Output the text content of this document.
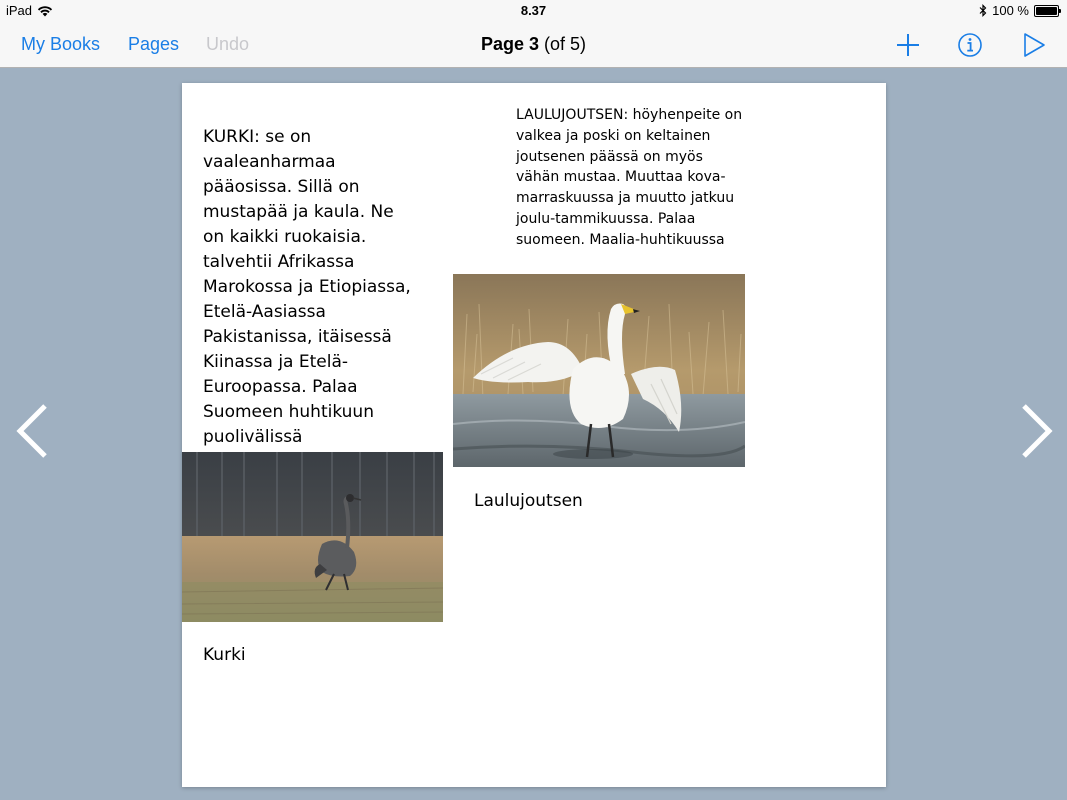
iPad	8.37	100 %
My Books Pages Undo	Page 3 (of 5)
KURKI: se on vaaleanharmaa pääosissa. Sillä on mustapää ja kaula. Ne on kaikki ruokaisia. talvehtii Afrikassa Marokossa ja Etiopiassa, Etelä-Aasiassa Pakistanissa, itäisessä Kiinassa ja Etelä-Euroopassa. Palaa Suomeen huhtikuun puolivälissä
LAULUJOUTSEN: höyhenpeite on valkea ja poski on keltainen joutsenen päässä on myös vähän mustaa. Muuttaa kova-marraskuussa ja muutto jatkuu joulu-tammikuussa. Palaa suomeen. Maalia-huhtikuussa
Laulujoutsen
Kurki
